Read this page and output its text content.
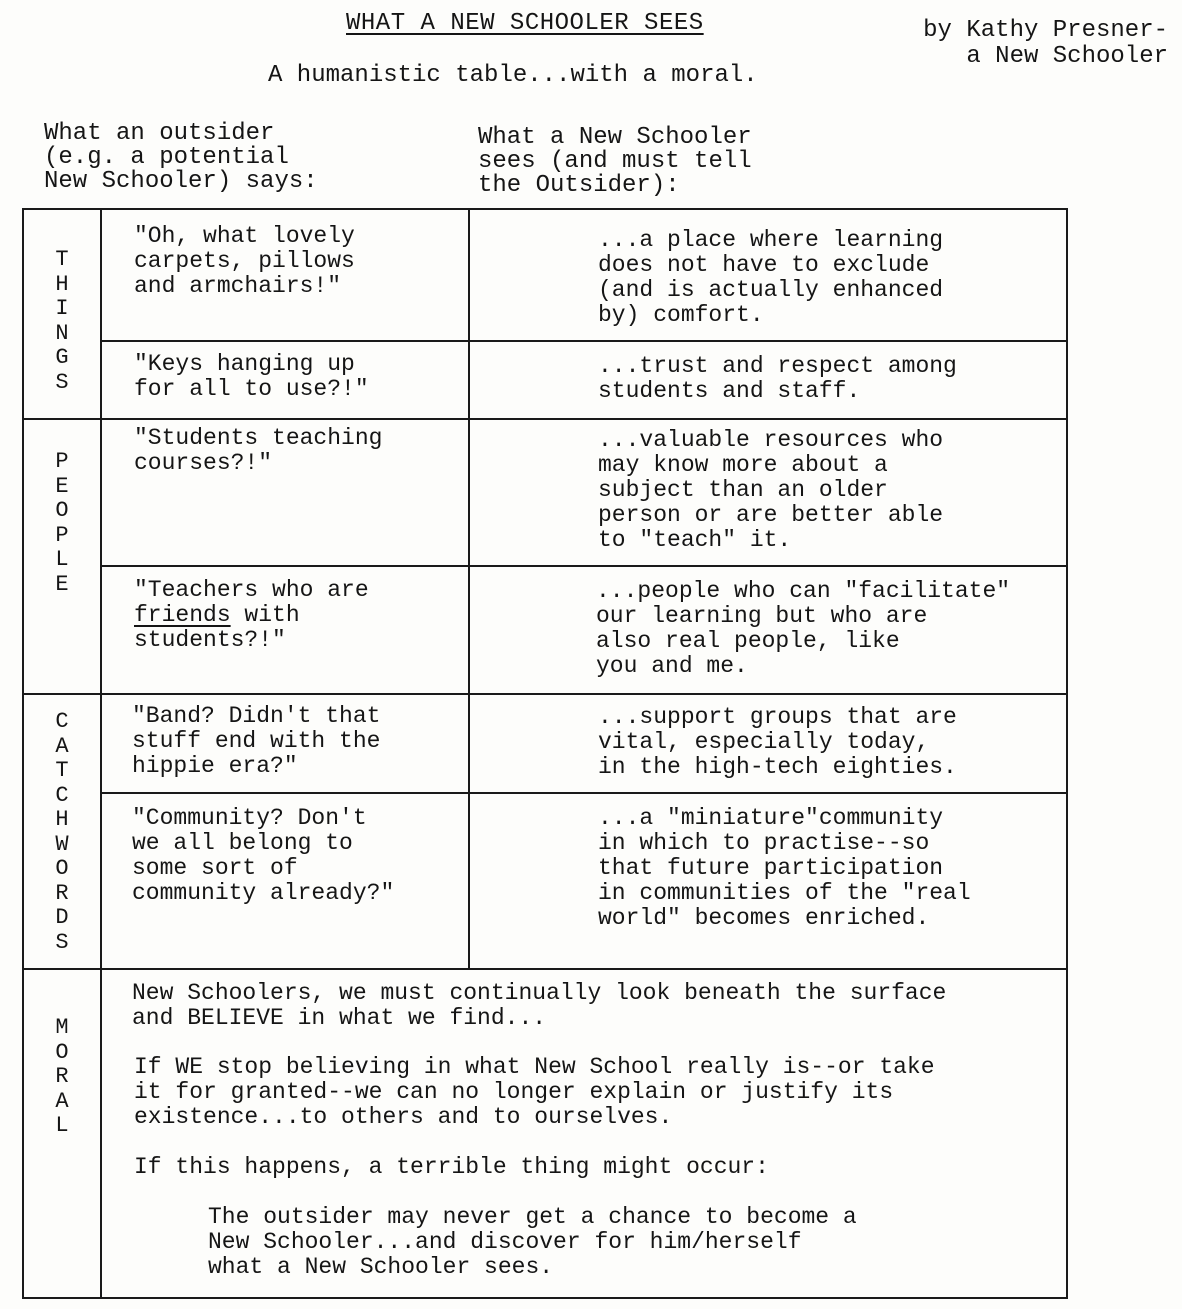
WHAT A NEW SCHOOLER SEES	by Kathy Presner-
a New Schooler
A humanistic table...with a moral.
What an outsider
(e.g. a potential
New Schooler) says:
What a New Schooler
sees (and must tell
the Outsider):
T
H
I
N
G
S
P
E
O
P
L
E
C
A
T
C
H
W
O
R
D
S
M
O
R
A
L
"Oh, what lovely
carpets, pillows
and armchairs!"
...a place where learning
does not have to exclude
(and is actually enhanced
by) comfort.
"Keys hanging up
for all to use?!"
...trust and respect among
students and staff.
"Students teaching
courses?!"
...valuable resources who
may know more about a
subject than an older
person or are better able
to "teach" it.
"Teachers who are
friends with
students?!"
...people who can "facilitate"
our learning but who are
also real people, like
you and me.
"Band? Didn't that
stuff end with the
hippie era?"
...support groups that are
vital, especially today,
in the high-tech eighties.
"Community? Don't
we all belong to
some sort of
community already?"
...a "miniature"community
in which to practise--so
that future participation
in communities of the "real
world" becomes enriched.
New Schoolers, we must continually look beneath the surface
and BELIEVE in what we find...
If WE stop believing in what New School really is--or take
it for granted--we can no longer explain or justify its
existence...to others and to ourselves.
If this happens, a terrible thing might occur:
The outsider may never get a chance to become a
New Schooler...and discover for him/herself
what a New Schooler sees.
